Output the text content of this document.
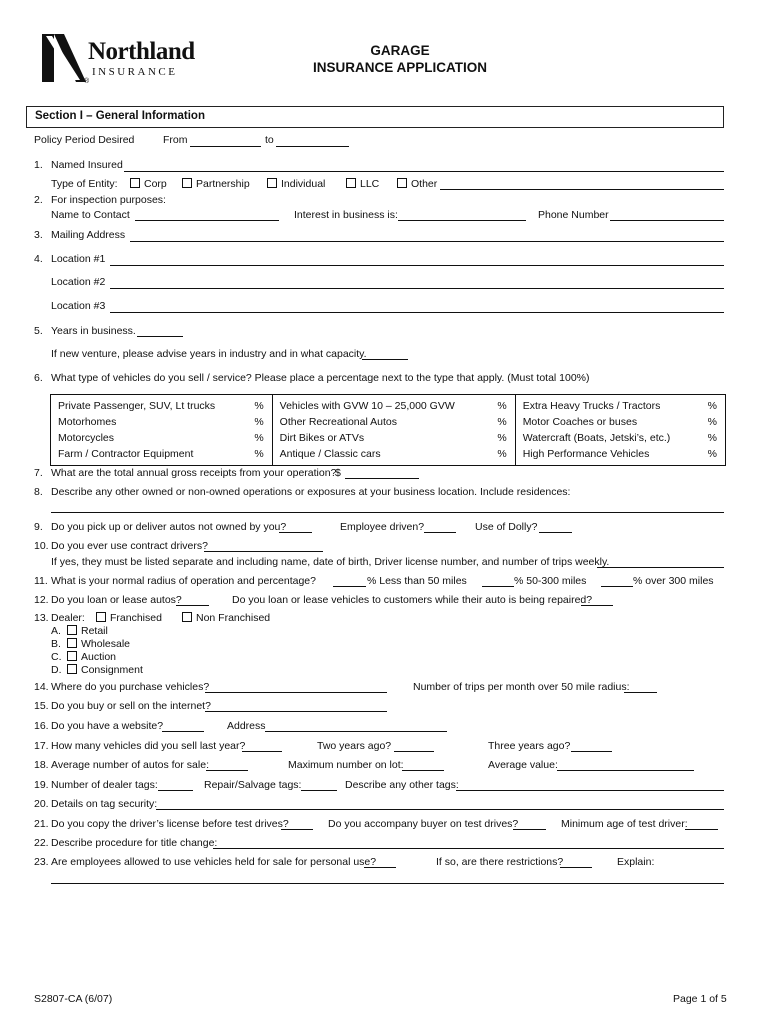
Northland
INSURANCE
®
GARAGE
INSURANCE APPLICATION
Section I – General Information
Policy Period Desired	From	to
1. Named Insured
Type of Entity:	Corp	Partnership	Individual	LLC	Other
2. For inspection purposes:
Name to Contact	Interest in business is:	Phone Number
3. Mailing Address
4. Location #1
Location #2
Location #3
5. Years in business.
If new venture, please advise years in industry and in what capacity.
6. What type of vehicles do you sell / service? Please place a percentage next to the type that apply. (Must total 100%)
Private Passenger, SUV, Lt trucks	%	Vehicles with GVW 10 – 25,000 GVW	%	Extra Heavy Trucks / Tractors	%
Motorhomes	%	Other Recreational Autos	%	Motor Coaches or buses	%
Motorcycles	%	Dirt Bikes or ATVs	%	Watercraft (Boats, Jetski’s, etc.)	%
Farm / Contractor Equipment	%	Antique / Classic cars	%	High Performance Vehicles	%
7. What are the total annual gross receipts from your operation?
$
8. Describe any other owned or non-owned operations or exposures at your business location. Include residences:
9. Do you pick up or deliver autos not owned by you?	Employee driven?	Use of Dolly?
10. Do you ever use contract drivers?
If yes, they must be listed separate and including name, date of birth, Driver license number, and number of trips weekly.
11. What is your normal radius of operation and percentage?	% Less than 50 miles	% 50-300 miles	% over 300 miles
12. Do you loan or lease autos?	Do you loan or lease vehicles to customers while their auto is being repaired?
13. Dealer:	Franchised	Non Franchised
A. Retail
B. Wholesale
C. Auction
D. Consignment
14. Where do you purchase vehicles?	Number of trips per month over 50 mile radius:
15. Do you buy or sell on the internet?
16. Do you have a website?	Address
17. How many vehicles did you sell last year?	Two years ago?	Three years ago?
18. Average number of autos for sale:	Maximum number on lot:	Average value:
19. Number of dealer tags:	Repair/Salvage tags:	Describe any other tags:
20. Details on tag security:
21. Do you copy the driver’s license before test drives?	Do you accompany buyer on test drives?	Minimum age of test driver:
22. Describe procedure for title change:
23. Are employees allowed to use vehicles held for sale for personal use?	If so, are there restrictions?	Explain:
S2807-CA (6/07)	Page 1 of 5
